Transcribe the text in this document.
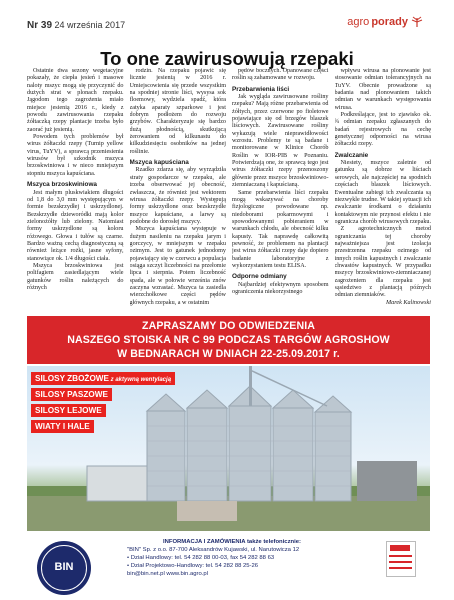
Nr 39 24 września 2017	agro porady
To one zawirusowują rzepaki

Ostatnie dwa sezony wegetacyjne pokazały, że ciepła jesień i masowe naloty mszyc mogą się przyczynić do dużych strat w plonach rzepaku. Jągodom tego zagrożenia miało miejsce jesienią 2016 r., kiedy z powodu zawirusowania rzepaku żółtaczką rzepy plantacje trzeba było zaorać już jesienią.

Powodem tych problemów był wirus żółtaczki rzepy (Turnip yellow virus, TuYV), a sprawcą przeniesienia wirusów był szkodnik mszyca brzoskwiniowa i w nieco mniejszym stopniu mszyca kapuściana.

Mszyca brzoskwiniowa

Jest małym pluskwiakiem długości od 1,8 do 3,0 mm występującym w formie bezskrzydłej i uskrzydlonej. Bezskrzydłe dzieworódki mają kolor zielonożółty lub zielony. Natomiast formy uskrzydlone są koloru różowego. Głowa i tułów są czarne. Bardzo ważną cechą diagnostyczną są również leżące rożki, jasne syfony, stanowiące ok. 1/4 długości ciała.

Mszyca brzoskwiniowa jest polifagiem zasiedlającym wiele gatunków roślin należących do różnych

rodzin. Na rzepaku pojawić się licznie jesienią w 2016 r. Umiejscowienia się przede wszystkim na spodniej stronie liści, wysysa sok floemowy, wydziela spadź, która zatyka aparaty szparkowe i jest dobrym podłożem do rozwoju grzybów. Charakteryzuje się bardzo dużą płodnością, skutkującą żerowaniem od kilkunastu do kilkudziesięciu osobników na jednej roślinie.

Mszyca kapuściana

Rzadko zdarza się, aby wyrządziła straty gospodarcze w rzepaku, ale trzeba obserwować jej obecność, zwłaszcza, że również jest wektorem wirusa żółtaczki rzepy. Występują formy uskrzydlone oraz bezskrzydłe mszyce kapuściane, a larwy są podobne do dorosłej mszycy.

Mszyca kapuściana występuje w dużym nasileniu na rzepaku jarym i gorczycy, w mniejszym w rzepaku ozimym. Jest to gatunek jednodomy pojawiający się w czerwcu a populacja osiąga szczyt liczebności na przełomie lipca i sierpnia. Potem liczebność spada, ale w połowie września znów zaczyna wzrastać. Mszyca ta zasiedla wierzchołkowe części pędów głównych rzepaku, a w ostatnim

pędów bocznych. Opanowane części roślin są zahamowane w rozwoju.

Przebarwienia liści

Jak wygląda zawirusowane rośliny rzepaku? Mają różne przebarwienia od żółtych, przez czerwone po fioletowe pojawiające się od brzegów blaszek liściowych. Zawirusowane rośliny wykazują wiele nieprawidłowości wzrostu. Problemy te są badane i monitorowane w Klinice Chorób Roślin w IOR-PIB w Poznaniu. Potwierdzają one, że sprawcą tego jest wirus żółtaczki rzepy przenoszony głównie przez mszyce brzoskwiniowo-ziemniaczaną i kapuścianą.

Same przebarwienia liści rzepaku mogą wskazywać na choroby fizjologiczne powodowane np. niedoborami pokarmowymi i spowodowanymi pobieraniem w warunkach chłodu, ale obecność kilku kapusty. Tak naprawdę całkowitą pewność, że problemem na plantacji jest wirus żółtaczki rzepy daje dopiero badanie laboratoryjne z wykorzystaniem testu ELISA.

Odporne odmiany

Najbardziej efektywnym sposobem ograniczenia niekorzystnego

wpływu wirusa na plonowanie jest stosowanie odmian tolerancyjnych na TuYV. Obecnie prowadzone są badania nad plonowaniem takich odmian w warunkach występowania wirusa.

Podkreślające, jest to zjawisko ok. ¾ odmian rzepaku zgłaszanych do badań rejestrowych na cechę genetycznej odporności na wirusa żółtaczki rzepy.

Zwalczanie

Niestety, mszyce zaletnie od gatunku są dobrze w liściach serowych, ale najczęściej na spodnich częściach blaszek liściowych. Ewentualne zabiegi ich zwalczania są niezwykle trudne. W takiej sytuacji ich zwalczanie środkami o działaniu kontaktowym nie przynosi efektu i nie ogranicza chorób wirusowych rzepaku.

Z agrotechnicznych metod ograniczania tej choroby najważniejsza jest izolacja przestrzenna rzepaku ozimego od innych roślin kapustnych i zwalczanie chwastów kapustnych. W przypadku mszycy brzoskwiniowo-ziemniaczanej zagrożeniem dla rzepaku jest sąsiedztwo z plantacją późnych odmian ziemniaków.

Marek Kalinowski

ZAPRASZAMY DO ODWIEDZENIA
NASZEGO STOISKA NR C 99 PODCZAS TARGÓW AGROSHOW
W BEDNARACH W DNIACH 22-25.09.2017 r.
SILOSY ZBOŻOWE z aktywną wentylacją
SILOSY PASZOWE
SILOSY LEJOWE
WIATY I HALE
BIN
INFORMACJA I ZAMÓWIENIA także telefonicznie:
"BIN" Sp. z o.o. 87-700 Aleksandrów Kujawski, ul. Narutowicza 12
• Dział Handlowy: tel. 54 282 88 00-03, fax 54 282 88 63
• Dział Projektowo-Handlowy: tel. 54 282 88 25-26
bin@bin.net.pl www.bin.agro.pl
